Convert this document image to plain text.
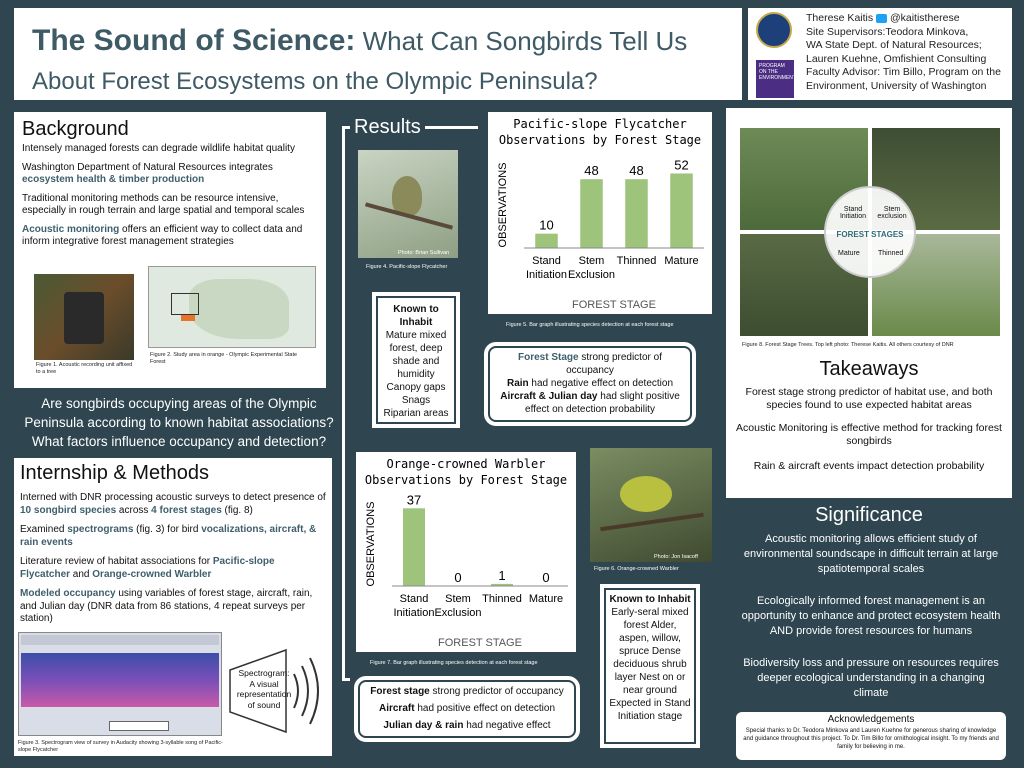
The Sound of Science: What Can Songbirds Tell Us
About Forest Ecosystems on the Olympic Peninsula?
PROGRAM ON THE ENVIRONMENT
Therese Kaitis @kaitistherese
Site Supervisors:Teodora Minkova,
WA State Dept. of Natural Resources;
Lauren Kuehne, Omfishient Consulting
Faculty Advisor: Tim Billo, Program on the
Environment, University of Washington
Background

Intensely managed forests can degrade wildlife habitat quality

Washington Department of Natural Resources integrates
ecosystem health & timber production

Traditional monitoring methods can be resource intensive, especially in rough terrain and large spatial and temporal scales

Acoustic monitoring offers an efficient way to collect data and inform integrative forest management strategies

Figure 1. Acoustic recording unit affixed to a tree
Figure 2. Study area in orange - Olympic Experimental State Forest
Are songbirds occupying areas of the Olympic Peninsula according to known habitat associations? What factors influence occupancy and detection?
Internship & Methods

Interned with DNR processing acoustic surveys to detect presence of 10 songbird species across 4 forest stages (fig. 8)

Examined spectrograms (fig. 3) for bird vocalizations, aircraft, & rain events

Literature review of habitat associations for Pacific-slope Flycatcher and Orange-crowned Warbler

Modeled occupancy using variables of forest stage, aircraft, rain, and Julian day (DNR data from 86 stations, 4 repeat surveys per station)

Figure 3. Spectrogram view of survey in Audacity showing 3-syllable song of Pacific-slope Flycatcher
Spectrogram: A visual representation of sound
Results
Photo: Brian Sullivan
Figure 4. Pacific-slope Flycatcher
Known to Inhabit
Mature mixed forest, deep shade and humidity Canopy gaps Snags Riparian areas
Pacific-slope Flycatcher
Observations by Forest Stage
10
Stand
Initiation
48
Stem
Exclusion
48
Thinned
52
Mature
FOREST STAGE
OBSERVATIONS
Figure 5. Bar graph illustrating species detection at each forest stage
Forest Stage strong predictor of occupancy
Rain had negative effect on detection
Aircraft & Julian day had slight positive effect on detection probability
Orange-crowned Warbler
Observations by Forest Stage
37
Stand
Initiation
0
Stem
Exclusion
1
Thinned
0
Mature
FOREST STAGE
OBSERVATIONS
Figure 7. Bar graph illustrating species detection at each forest stage
Photo: Jon Isacoff
Figure 6. Orange-crowned Warbler
Known to Inhabit
Early-seral mixed forest Alder, aspen, willow, spruce Dense deciduous shrub layer Nest on or near ground Expected in Stand Initiation stage
Forest stage strong predictor of occupancy
Aircraft had positive effect on detection
Julian day & rain had negative effect
Stand Initiation
Stem exclusion
FOREST STAGES
Mature	Thinned
Figure 8. Forest Stage Trees. Top left photo: Therese Kaitis. All others courtesy of DNR
Takeaways
Forest stage strong predictor of habitat use, and both species found to use expected habitat areas
Acoustic Monitoring is effective method for tracking forest songbirds
Rain & aircraft events impact detection probability
Significance
Acoustic monitoring allows efficient study of environmental soundscape in difficult terrain at large spatiotemporal scales
Ecologically informed forest management is an opportunity to enhance and protect ecosystem health AND provide forest resources for humans
Biodiversity loss and pressure on resources requires deeper ecological understanding in a changing climate
Acknowledgements
Special thanks to Dr. Teodora Minkova and Lauren Kuehne for generous sharing of knowledge and guidance throughout this project. To Dr. Tim Billo for ornithological insight. To my friends and family for believing in me.
